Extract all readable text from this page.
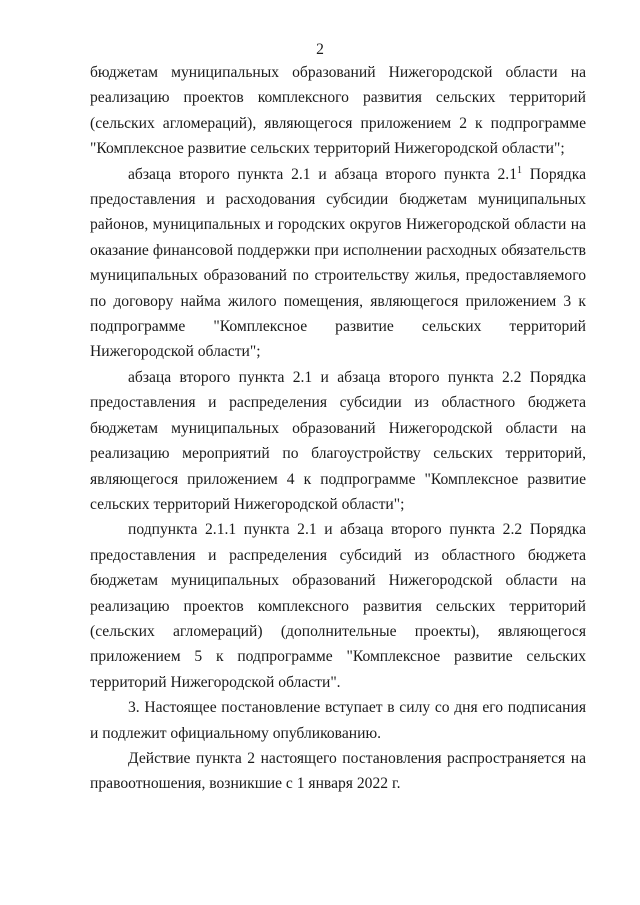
2

бюджетам муниципальных образований Нижегородской области на реализацию проектов комплексного развития сельских территорий (сельских агломераций), являющегося приложением 2 к подпрограмме "Комплексное развитие сельских территорий Нижегородской области";

абзаца второго пункта 2.1 и абзаца второго пункта $2.1^1$ Порядка предоставления и расходования субсидии бюджетам муниципальных районов, муниципальных и городских округов Нижегородской области на оказание финансовой поддержки при исполнении расходных обязательств муниципальных образований по строительству жилья, предоставляемого по договору найма жилого помещения, являющегося приложением 3 к подпрограмме "Комплексное развитие сельских территорий Нижегородской области";

абзаца второго пункта 2.1 и абзаца второго пункта 2.2 Порядка предоставления и распределения субсидии из областного бюджета бюджетам муниципальных образований Нижегородской области на реализацию мероприятий по благоустройству сельских территорий, являющегося приложением 4 к подпрограмме "Комплексное развитие сельских территорий Нижегородской области";

подпункта 2.1.1 пункта 2.1 и абзаца второго пункта 2.2 Порядка предоставления и распределения субсидий из областного бюджета бюджетам муниципальных образований Нижегородской области на реализацию проектов комплексного развития сельских территорий (сельских агломераций) (дополнительные проекты), являющегося приложением 5 к подпрограмме "Комплексное развитие сельских территорий Нижегородской области".

3. Настоящее постановление вступает в силу со дня его подписания и подлежит официальному опубликованию.

Действие пункта 2 настоящего постановления распространяется на правоотношения, возникшие с 1 января 2022 г.
